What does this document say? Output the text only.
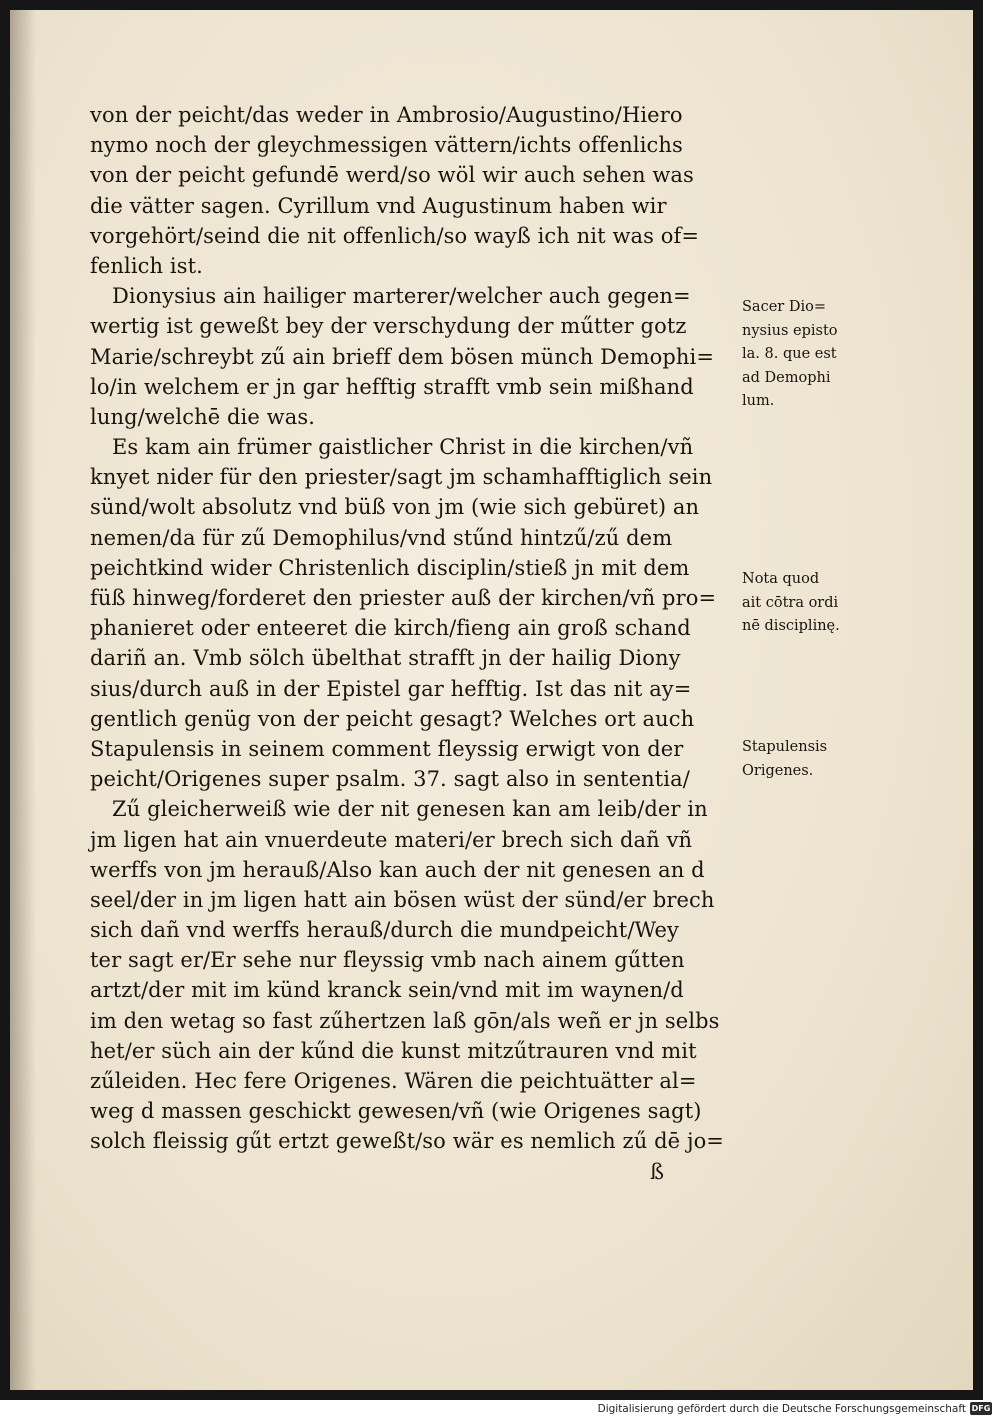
von der peicht/das weder in Ambrosio/Augustino/Hiero
nymo noch der gleychmessigen vättern/ichts offenlichs
von der peicht gefundē werd/so wöl wir auch sehen was
die vätter sagen. Cyrillum vnd Augustinum haben wir
vorgehört/seind die nit offenlich/so wayß ich nit was of=
fenlich ist.
Dionysius ain hailiger marterer/welcher auch gegen=
wertig ist geweßt bey der verschydung der műtter gotz
Marie/schreybt zű ain brieff dem bösen münch Demophi=
lo/in welchem er jn gar hefftig strafft vmb sein mißhand
lung/welchē die was.
Es kam ain frümer gaistlicher Christ in die kirchen/vñ
knyet nider für den priester/sagt jm schamhafftiglich sein
sünd/wolt absolutz vnd büß von jm (wie sich gebüret) an
nemen/da für zű Demophilus/vnd stűnd hintzű/zű dem
peichtkind wider Christenlich disciplin/stieß jn mit dem
füß hinweg/forderet den priester auß der kirchen/vñ pro=
phanieret oder enteeret die kirch/fieng ain groß schand
dariñ an. Vmb sölch übelthat strafft jn der hailig Diony
sius/durch auß in der Epistel gar hefftig. Ist das nit ay=
gentlich genüg von der peicht gesagt? Welches ort auch
Stapulensis in seinem comment fleyssig erwigt von der
peicht/Origenes super psalm. 37. sagt also in sententia/
Zű gleicherweiß wie der nit genesen kan am leib/der in
jm ligen hat ain vnuerdeute materi/er brech sich dañ vñ
werffs von jm herauß/Also kan auch der nit genesen an d
seel/der in jm ligen hatt ain bösen wüst der sünd/er brech
sich dañ vnd werffs herauß/durch die mundpeicht/Wey
ter sagt er/Er sehe nur fleyssig vmb nach ainem gűtten
artzt/der mit im künd kranck sein/vnd mit im waynen/d
im den wetag so fast zűhertzen laß gōn/als weñ er jn selbs
het/er süch ain der kűnd die kunst mitzűtrauren vnd mit
zűleiden. Hec fere Origenes. Wären die peichtuätter al=
weg d massen geschickt gewesen/vñ (wie Origenes sagt)
solch fleissig gűt ertzt geweßt/so wär es nemlich zű dē jo=
ß
Sacer Dio=
nysius episto
la. 8. que est
ad Demophi
lum.
Nota quod
ait cōtra ordi
nē disciplinę.
Stapulensis
Origenes.
Digitalisierung gefördert durch die Deutsche Forschungsgemeinschaft DFG
